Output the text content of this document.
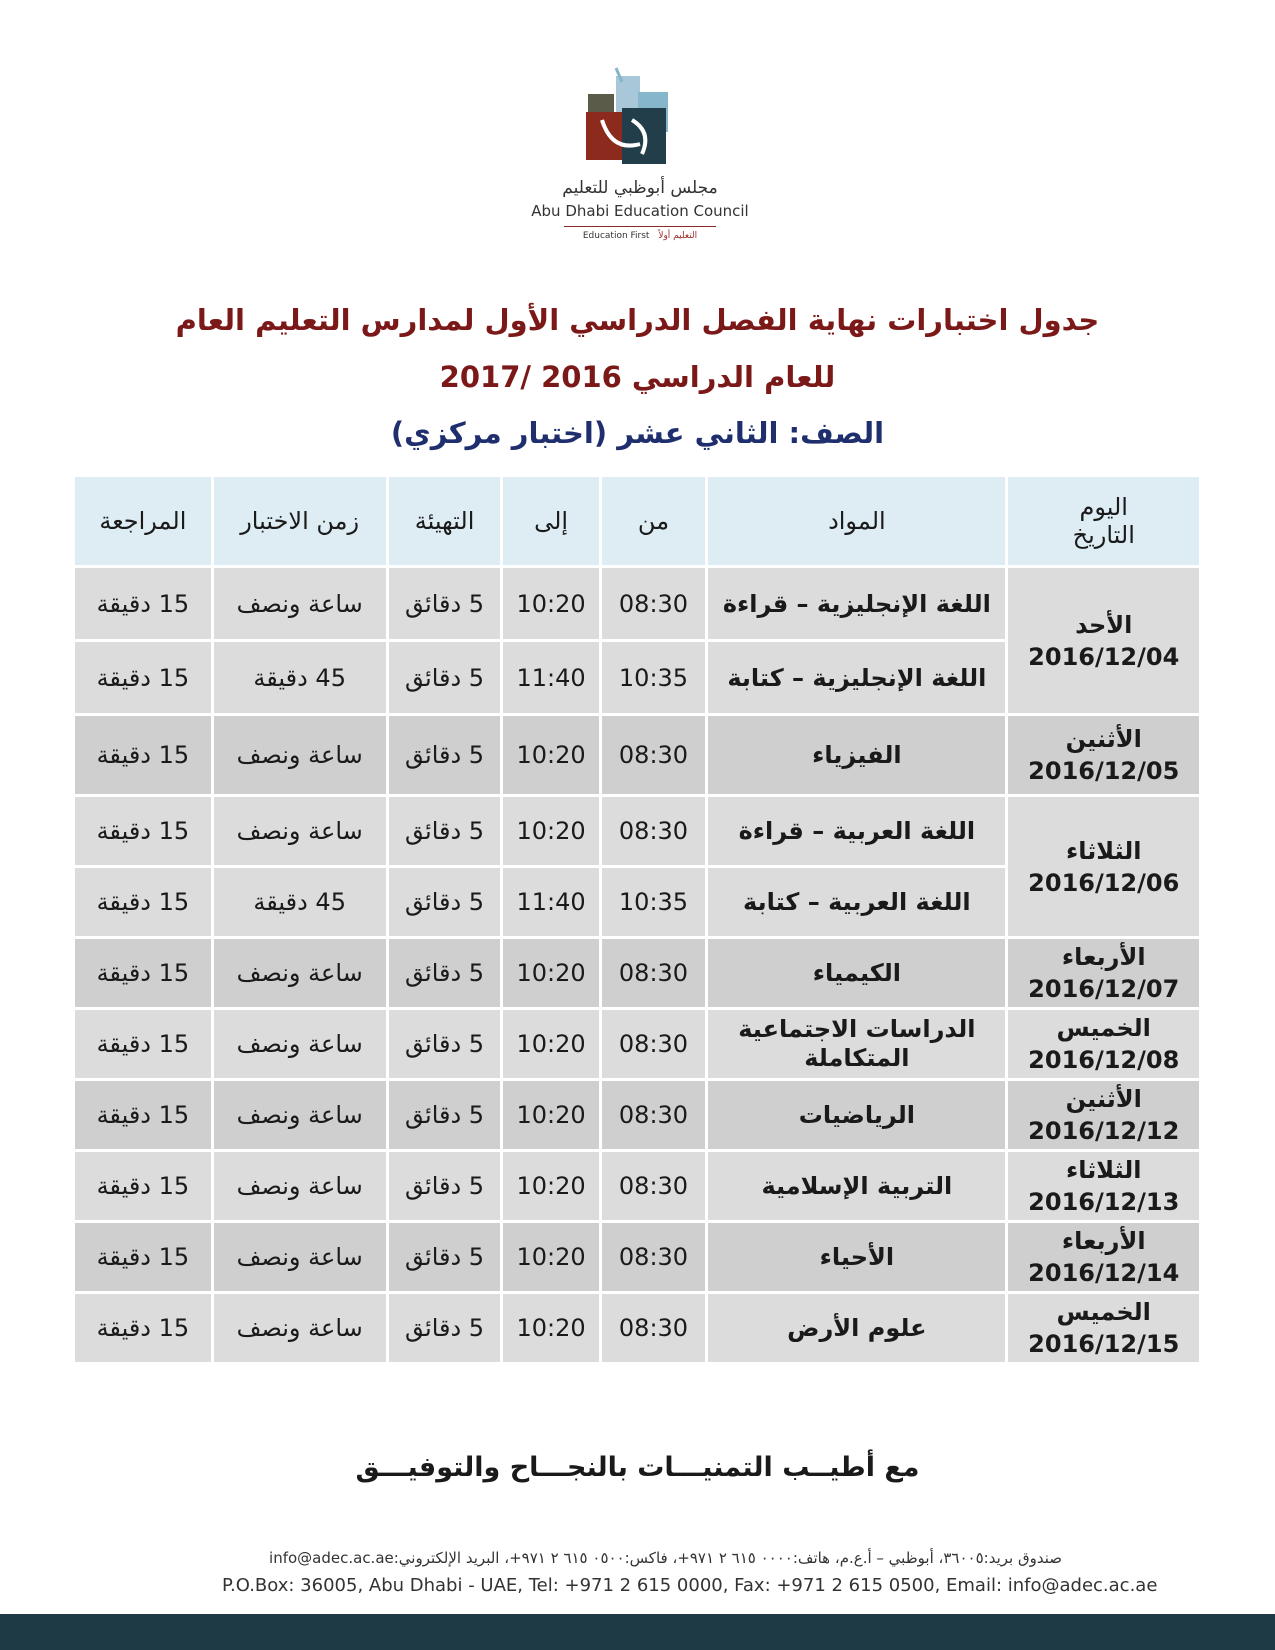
مجلس أبوظبي للتعليم
Abu Dhabi Education Council
Education First التعليم أولاً
جدول اختبارات نهاية الفصل الدراسي الأول لمدارس التعليم العام
للعام الدراسي 2016 /2017
الصف: الثاني عشر (اختبار مركزي)
اليوم
التاريخ	المواد	من	إلى	التهيئة	زمن الاختبار	المراجعة

الأحد
2016/12/04	اللغة الإنجليزية – قراءة	08:30	10:20	5 دقائق	ساعة ونصف	15 دقيقة
	اللغة الإنجليزية – كتابة	10:35	11:40	5 دقائق	45 دقيقة	15 دقيقة

الأثنين
2016/12/05	الفيزياء	08:30	10:20	5 دقائق	ساعة ونصف	15 دقيقة

الثلاثاء
2016/12/06	اللغة العربية – قراءة	08:30	10:20	5 دقائق	ساعة ونصف	15 دقيقة
	اللغة العربية – كتابة	10:35	11:40	5 دقائق	45 دقيقة	15 دقيقة

الأربعاء
2016/12/07	الكيمياء	08:30	10:20	5 دقائق	ساعة ونصف	15 دقيقة

الخميس
2016/12/08	الدراسات الاجتماعية المتكاملة	08:30	10:20	5 دقائق	ساعة ونصف	15 دقيقة

الأثنين
2016/12/12	الرياضيات	08:30	10:20	5 دقائق	ساعة ونصف	15 دقيقة

الثلاثاء
2016/12/13	التربية الإسلامية	08:30	10:20	5 دقائق	ساعة ونصف	15 دقيقة

الأربعاء
2016/12/14	الأحياء	08:30	10:20	5 دقائق	ساعة ونصف	15 دقيقة

الخميس
2016/12/15	علوم الأرض	08:30	10:20	5 دقائق	ساعة ونصف	15 دقيقة
مع أطيــب التمنيـــات بالنجـــاح والتوفيـــق
صندوق بريد:٣٦٠٠٥، أبوظبي – أ.ع.م، هاتف:٠٠٠٠ ٦١٥ ٢ ٩٧١+، فاكس:٠٥٠٠ ٦١٥ ٢ ٩٧١+، البريد الإلكتروني:info@adec.ac.ae
P.O.Box: 36005, Abu Dhabi - UAE, Tel: +971 2 615 0000, Fax: +971 2 615 0500, Email: info@adec.ac.ae
